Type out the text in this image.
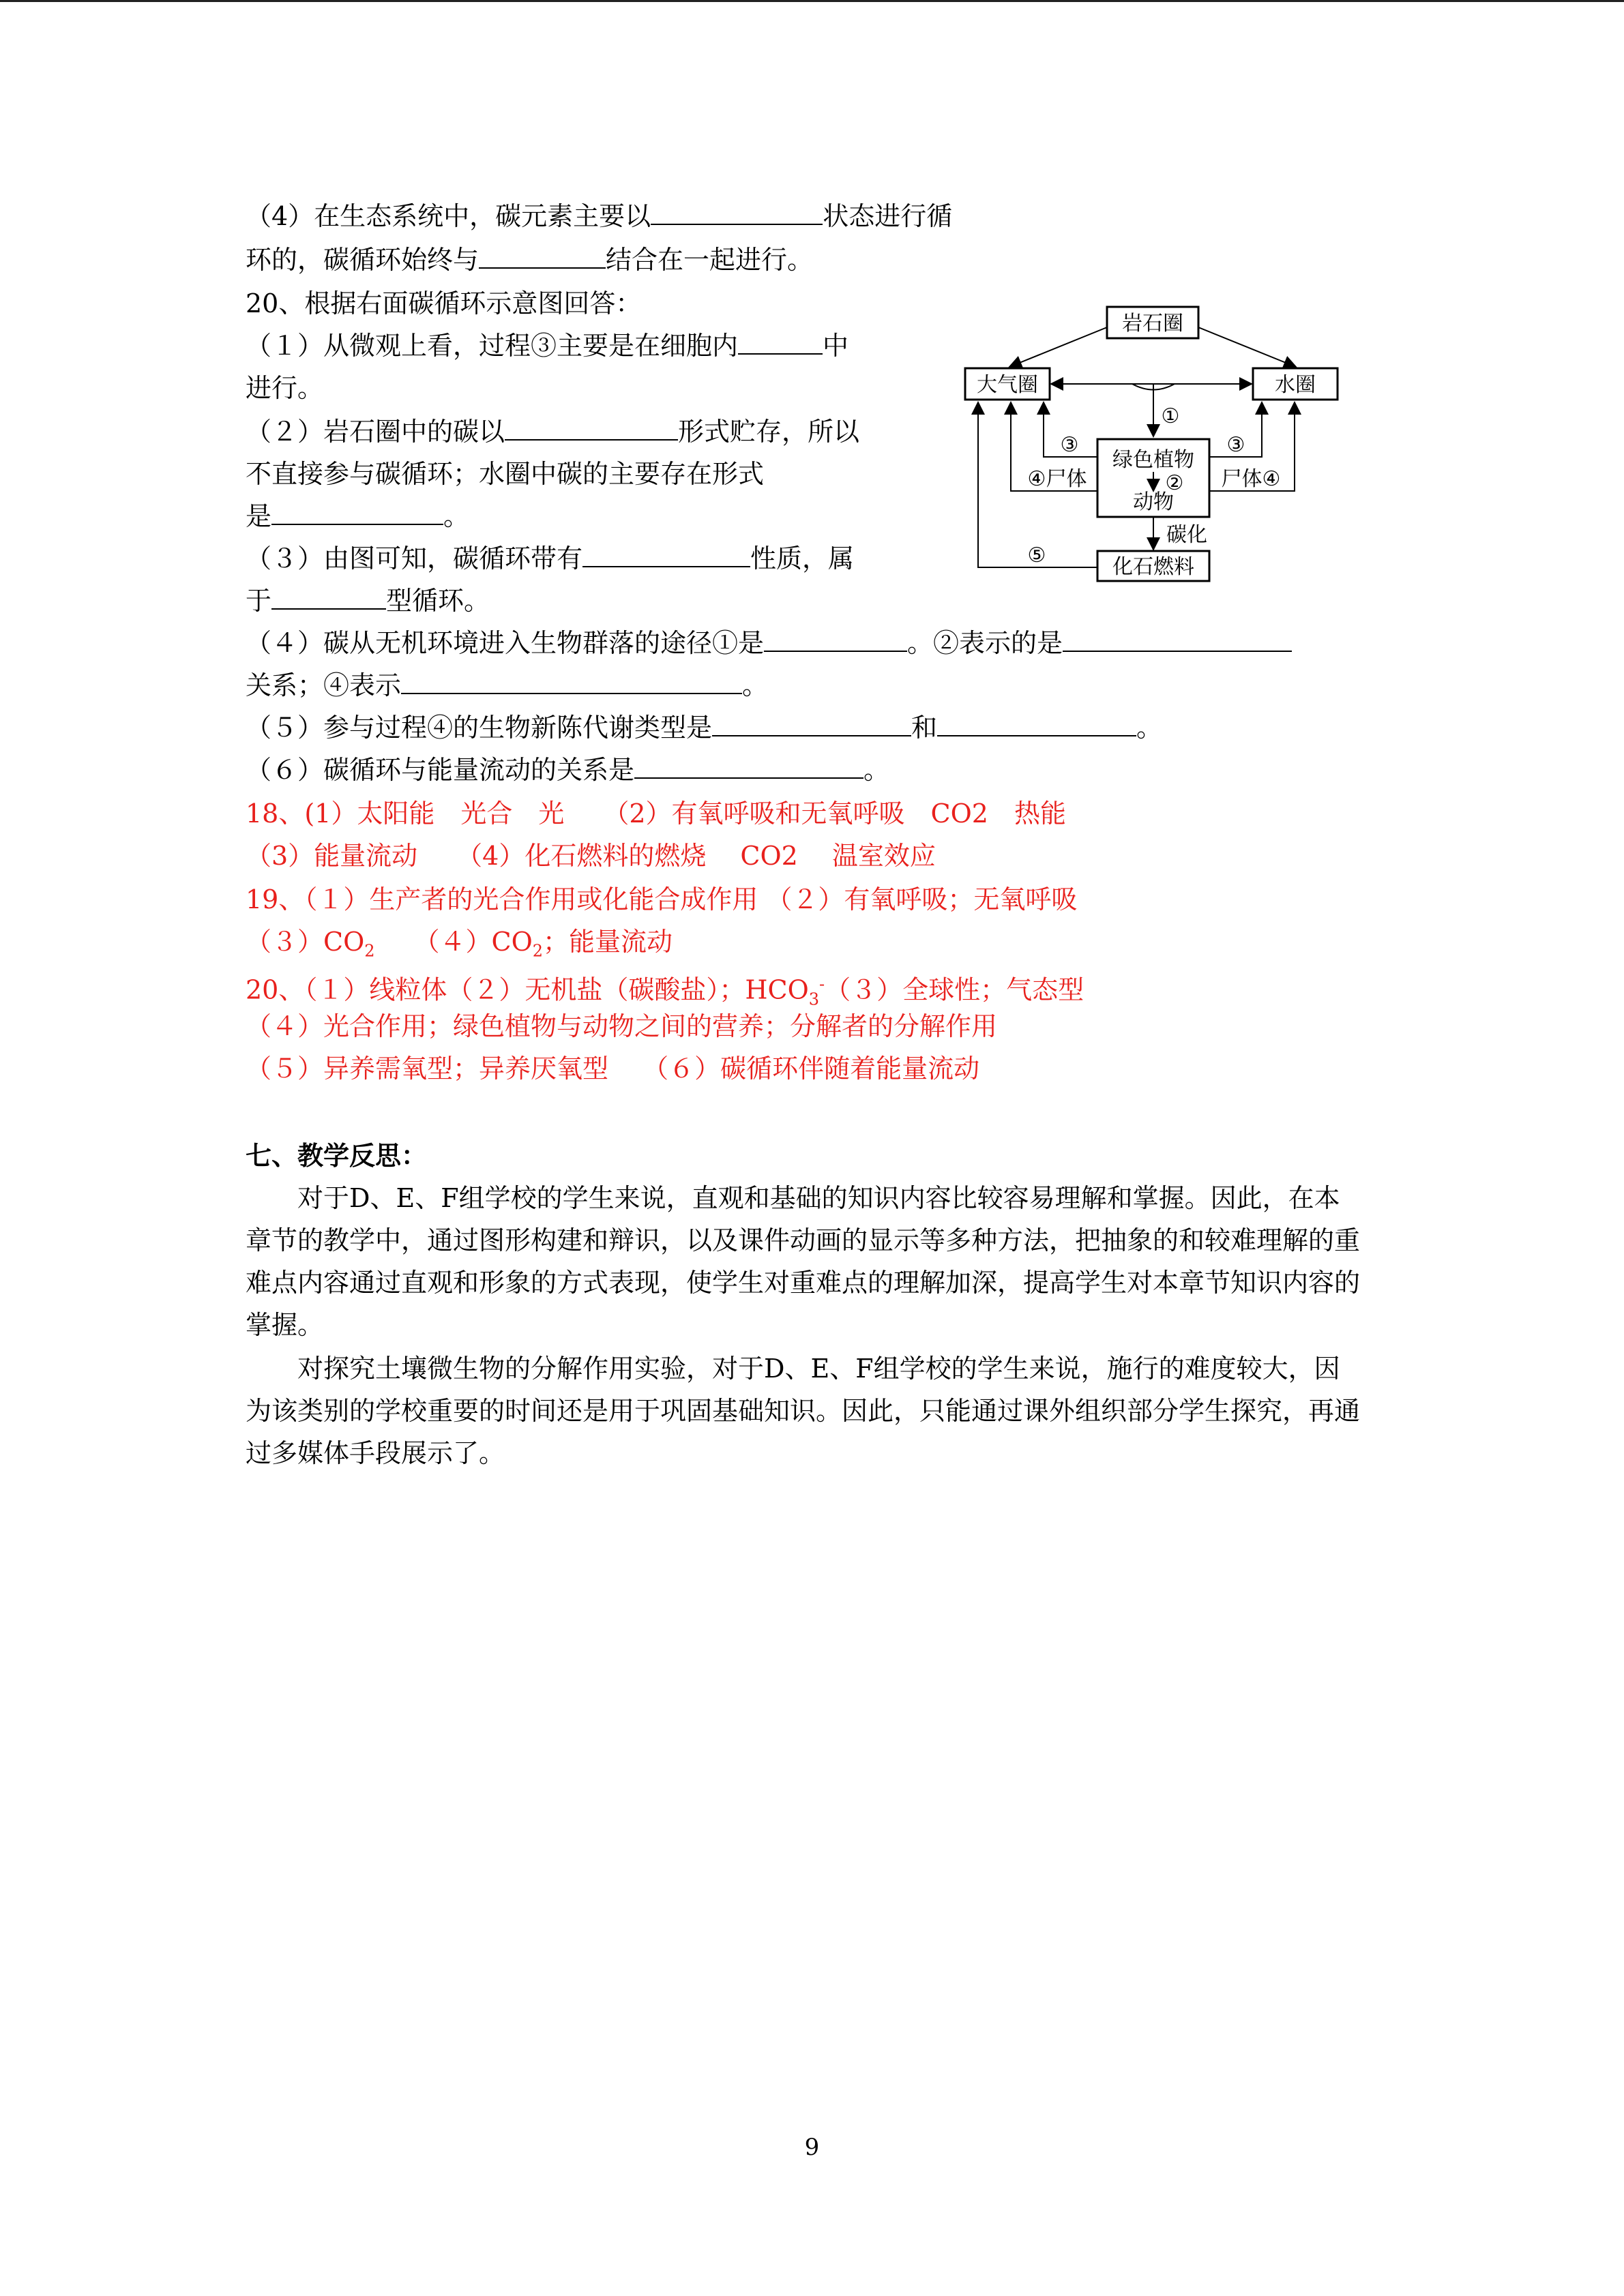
（4）在生态系统中，碳元素主要以	状态进行循
环的，碳循环始终与	结合在一起进行。
20、根据右面碳循环示意图回答：
（１）从微观上看，过程③主要是在细胞内	中
进行。
（２）岩石圈中的碳以	形式贮存，所以
不直接参与碳循环；水圈中碳的主要存在形式
是	。
（３）由图可知，碳循环带有	性质，属
于	型循环。
（４）碳从无机环境进入生物群落的途径①是	。②表示的是
关系；④表示	。
（５）参与过程④的生物新陈代谢类型是	和	。
（６）碳循环与能量流动的关系是	。
18、(1）太阳能　光合　光　　（2）有氧呼吸和无氧呼吸　CO2　热能
（3）能量流动　　（4）化石燃料的燃烧　 CO2　 温室效应
19、（１）生产者的光合作用或化能合成作用 （２）有氧呼吸；无氧呼吸
$(3)CO_2$　　$(4)CO_2$；能量流动
20、（１）线粒体（２）无机盐（碳酸盐）；$HCO_3^-(3)$全球性；气态型
（４）光合作用；绿色植物与动物之间的营养；分解者的分解作用
（５）异养需氧型；异养厌氧型　 （６）碳循环伴随着能量流动
七、教学反思：
对于D、E、F组学校的学生来说，直观和基础的知识内容比较容易理解和掌握。因此，在本章节的教学中，通过图形构建和辩识，以及课件动画的显示等多种方法，把抽象的和较难理解的重难点内容通过直观和形象的方式表现，使学生对重难点的理解加深，提高学生对本章节知识内容的掌握。
对探究土壤微生物的分解作用实验，对于D、E、F组学校的学生来说，施行的难度较大，因为该类别的学校重要的时间还是用于巩固基础知识。因此，只能通过课外组织部分学生探究，再通过多媒体手段展示了。
岩石圈
大气圈	水圈
绿色植物
动物
②
化石燃料
①
③
④尸体
③
尸体④
碳化
⑤
9
